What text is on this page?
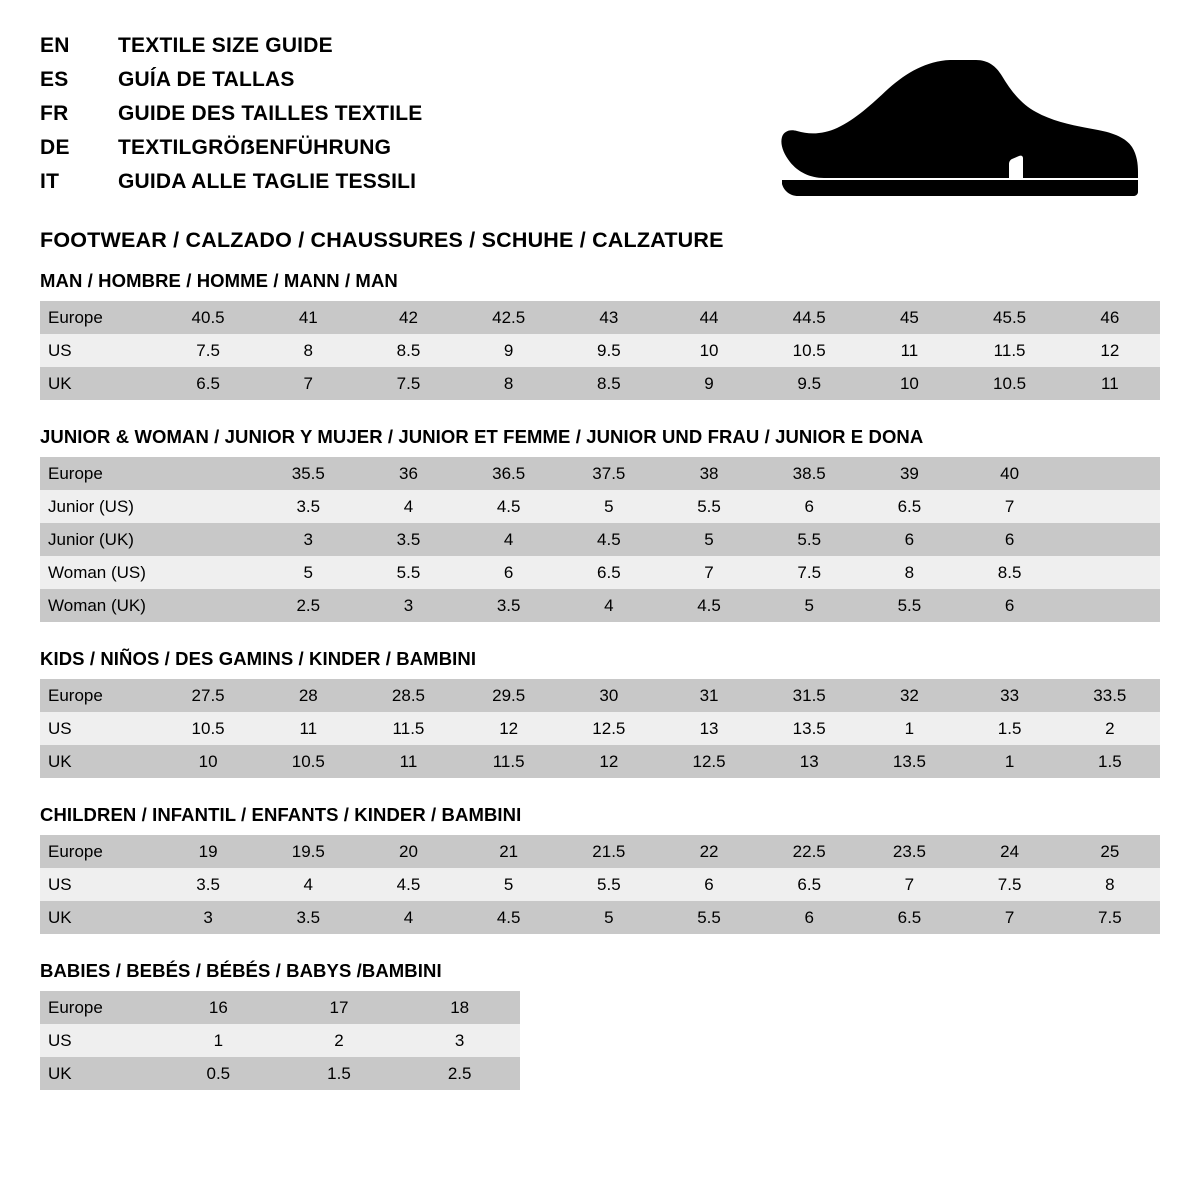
EN	TEXTILE SIZE GUIDE
ES	GUÍA DE TALLAS
FR	GUIDE DES TAILLES TEXTILE
DE	TEXTILGRÖẞENFÜHRUNG
IT	GUIDA ALLE TAGLIE TESSILI
FOOTWEAR / CALZADO / CHAUSSURES / SCHUHE / CALZATURE
MAN / HOMBRE / HOMME / MANN / MAN
Europe	40.5	41	42	42.5	43	44	44.5	45	45.5	46
US	7.5	8	8.5	9	9.5	10	10.5	11	11.5	12
UK	6.5	7	7.5	8	8.5	9	9.5	10	10.5	11
JUNIOR & WOMAN / JUNIOR Y MUJER / JUNIOR ET FEMME / JUNIOR UND FRAU / JUNIOR E DONA
Europe		35.5	36	36.5	37.5	38	38.5	39	40	
Junior (US)		3.5	4	4.5	5	5.5	6	6.5	7	
Junior (UK)		3	3.5	4	4.5	5	5.5	6	6	
Woman (US)		5	5.5	6	6.5	7	7.5	8	8.5	
Woman (UK)		2.5	3	3.5	4	4.5	5	5.5	6	
KIDS / NIÑOS / DES GAMINS / KINDER / BAMBINI
Europe	27.5	28	28.5	29.5	30	31	31.5	32	33	33.5
US	10.5	11	11.5	12	12.5	13	13.5	1	1.5	2
UK	10	10.5	11	11.5	12	12.5	13	13.5	1	1.5
CHILDREN / INFANTIL / ENFANTS / KINDER / BAMBINI
Europe	19	19.5	20	21	21.5	22	22.5	23.5	24	25
US	3.5	4	4.5	5	5.5	6	6.5	7	7.5	8
UK	3	3.5	4	4.5	5	5.5	6	6.5	7	7.5
BABIES / BEBÉS / BÉBÉS / BABYS /BAMBINI
Europe	16	17	18
US	1	2	3
UK	0.5	1.5	2.5
